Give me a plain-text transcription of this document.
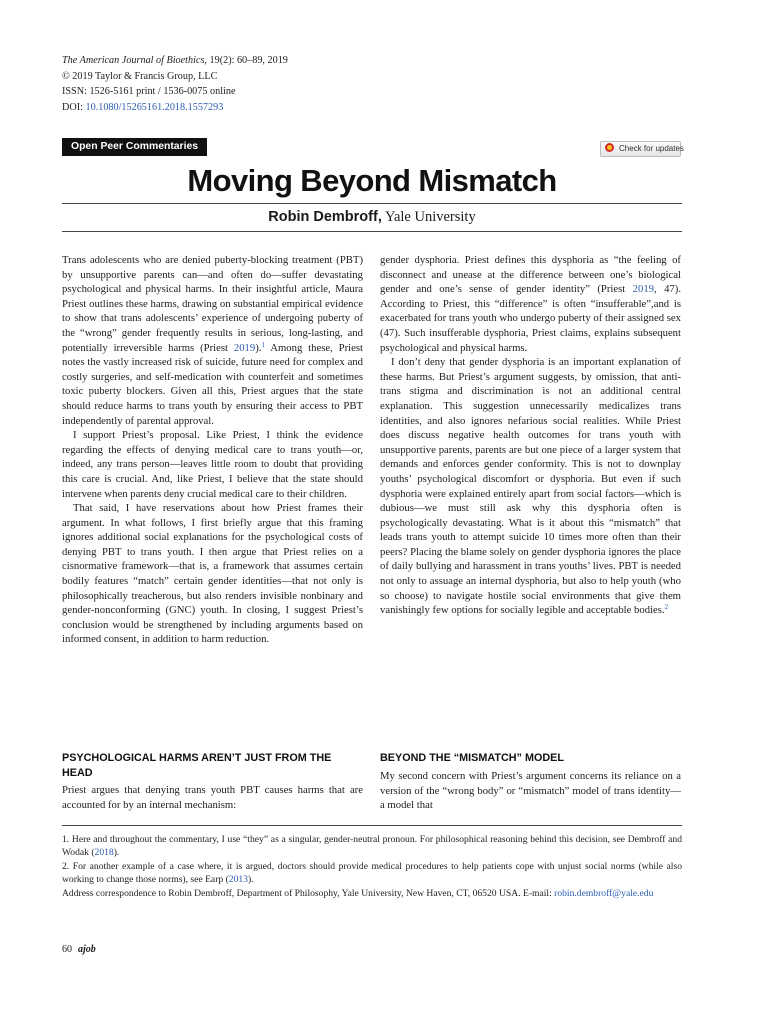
The American Journal of Bioethics, 19(2): 60–89, 2019
© 2019 Taylor & Francis Group, LLC
ISSN: 1526-5161 print / 1536-0075 online
DOI: 10.1080/15265161.2018.1557293
Open Peer Commentaries	Check for updates
Moving Beyond Mismatch
Robin Dembroff, Yale University

Trans adolescents who are denied puberty-blocking treatment (PBT) by unsupportive parents can—and often do—suffer devastating psychological and physical harms. In their insightful article, Maura Priest outlines these harms, drawing on substantial empirical evidence to show that trans adolescents’ experience of undergoing puberty of the “wrong” gender frequently results in serious, long-lasting, and potentially irreversible harms (Priest 2019).$^1$ Among these, Priest notes the vastly increased risk of suicide, future need for complex and costly surgeries, and self-medication with counterfeit and sometimes toxic puberty blockers. Given all this, Priest argues that the state should reduce harms to trans youth by ensuring their access to PBT independently of parental approval.

I support Priest’s proposal. Like Priest, I think the evidence regarding the effects of denying medical care to trans youth—or, indeed, any trans person—leaves little room to doubt that providing this care is crucial. And, like Priest, I believe that the state should intervene when parents deny crucial medical care to their children.

That said, I have reservations about how Priest frames their argument. In what follows, I first briefly argue that this framing ignores additional social explanations for the psychological costs of denying PBT to trans youth. I then argue that Priest relies on a cisnormative framework—that is, a framework that assumes certain bodily features “match” certain gender identities—that not only is philosophically treacherous, but also renders invisible nonbinary and gender-nonconforming (GNC) youth. In closing, I suggest Priest’s conclusion would be strengthened by including arguments based on informed consent, in addition to harm reduction.

gender dysphoria. Priest defines this dysphoria as “the feeling of disconnect and unease at the difference between one’s biological gender and one’s sense of gender identity” (Priest 2019, 47). According to Priest, this “difference” is often “insufferable”,and is exacerbated for trans youth who undergo puberty of their assigned sex (47). Such insufferable dysphoria, Priest claims, explains subsequent psychological and physical harms.

I don’t deny that gender dysphoria is an important explanation of these harms. But Priest’s argument suggests, by omission, that anti-trans stigma and discrimination is not an additional central explanation. This suggestion unnecessarily medicalizes trans identities, and also ignores nefarious social realities. While Priest does discuss negative health outcomes for trans youth with unsupportive parents, parents are but one piece of a larger system that demands and enforces gender conformity. This is not to downplay youths’ psychological discomfort or dysphoria. But even if such dysphoria were explained entirely apart from social factors—which is dubious—we must still ask why this dysphoria often is psychologically devastating. What is it about this “mismatch” that leads trans youth to attempt suicide 10 times more often than their peers? Placing the blame solely on gender dysphoria ignores the place of daily bullying and harassment in trans youths’ lives. PBT is needed not only to assuage an internal dysphoria, but also to help youth (who so choose) to navigate hostile social environments that give them vanishingly few options for socially legible and acceptable bodies.$^2$

PSYCHOLOGICAL HARMS AREN’T JUST FROM THE HEAD
Priest argues that denying trans youth PBT causes harms that are accounted for by an internal mechanism:
BEYOND THE “MISMATCH” MODEL
My second concern with Priest’s argument concerns its reliance on a version of the “wrong body” or “mismatch” model of trans identity—a model that
1. Here and throughout the commentary, I use “they” as a singular, gender-neutral pronoun. For philosophical reasoning behind this decision, see Dembroff and Wodak (2018).
2. For another example of a case where, it is argued, doctors should provide medical procedures to help patients cope with unjust social norms (while also working to change those norms), see Earp (2013).
Address correspondence to Robin Dembroff, Department of Philosophy, Yale University, New Haven, CT, 06520 USA. E-mail: robin.dembroff@yale.edu
60 ajob
